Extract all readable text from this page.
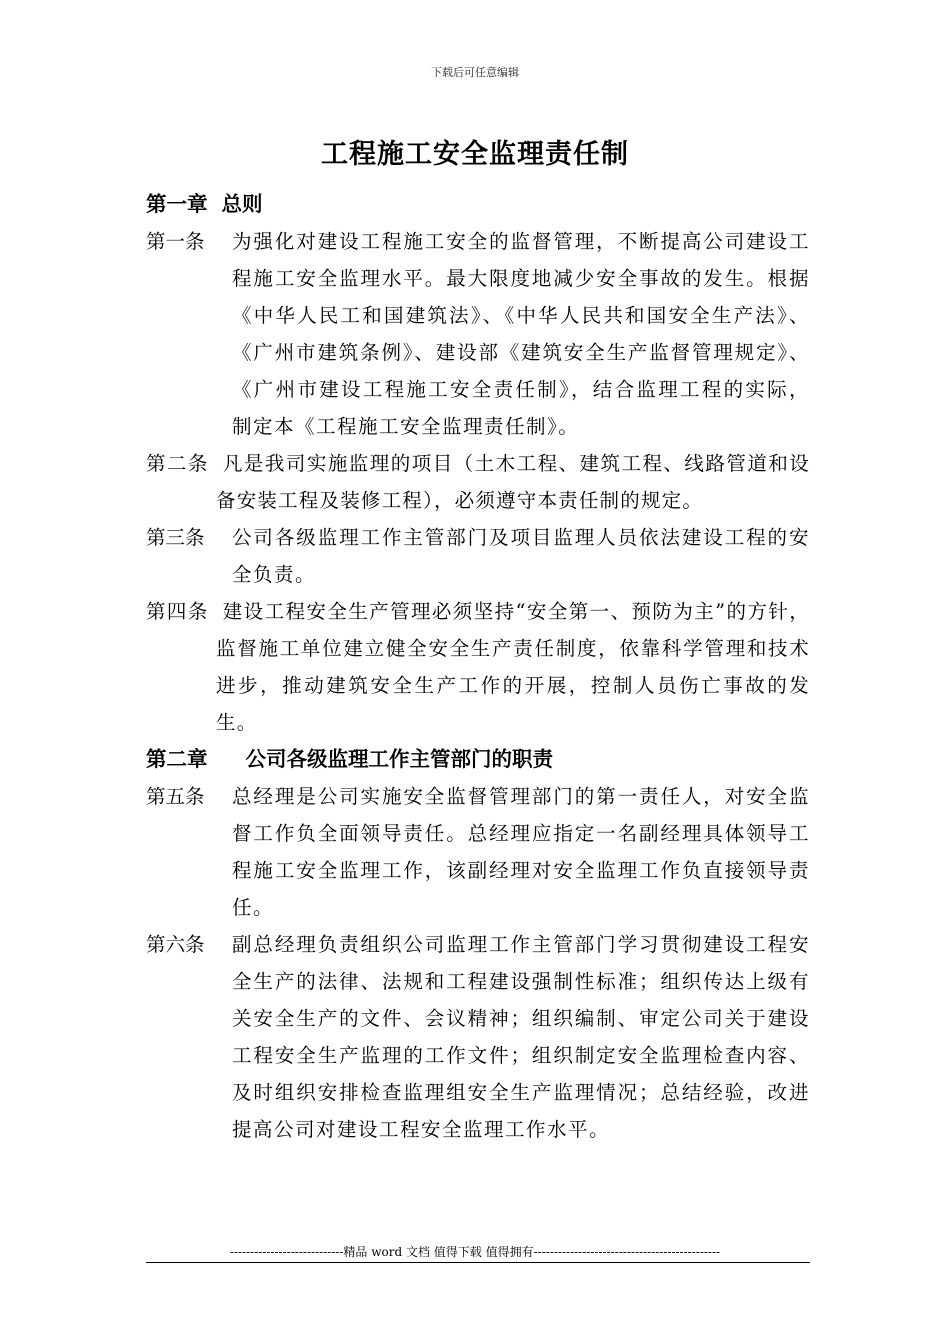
下载后可任意编辑
工程施工安全监理责任制

第一章 总则

第一条	为强化对建设工程施工安全的监督管理，不断提高公司建设工程施工安全监理水平。最大限度地减少安全事故的发生。根据《中华人民工和国建筑法》、《中华人民共和国安全生产法》、《广州市建筑条例》、建设部《建筑安全生产监督管理规定》、《广州市建设工程施工安全责任制》，结合监理工程的实际，制定本《工程施工安全监理责任制》。
第二条 凡是我司实施监理的项目（土木工程、建筑工程、线路管道和设备安装工程及装修工程），必须遵守本责任制的规定。
第三条	公司各级监理工作主管部门及项目监理人员依法建设工程的安全负责。
第四条 建设工程安全生产管理必须坚持“安全第一、预防为主”的方针，监督施工单位建立健全安全生产责任制度，依靠科学管理和技术进步，推动建筑安全生产工作的开展，控制人员伤亡事故的发生。

第二章 公司各级监理工作主管部门的职责

第五条	总经理是公司实施安全监督管理部门的第一责任人，对安全监督工作负全面领导责任。总经理应指定一名副经理具体领导工程施工安全监理工作，该副经理对安全监理工作负直接领导责任。
第六条	副总经理负责组织公司监理工作主管部门学习贯彻建设工程安全生产的法律、法规和工程建设强制性标准；组织传达上级有关安全生产的文件、会议精神；组织编制、审定公司关于建设工程安全生产监理的工作文件；组织制定安全监理检查内容、及时组织安排检查监理组安全生产监理情况；总结经验，改进提高公司对建设工程安全监理工作水平。
----------------------------精品 word 文档 值得下载 值得拥有----------------------------------------------
